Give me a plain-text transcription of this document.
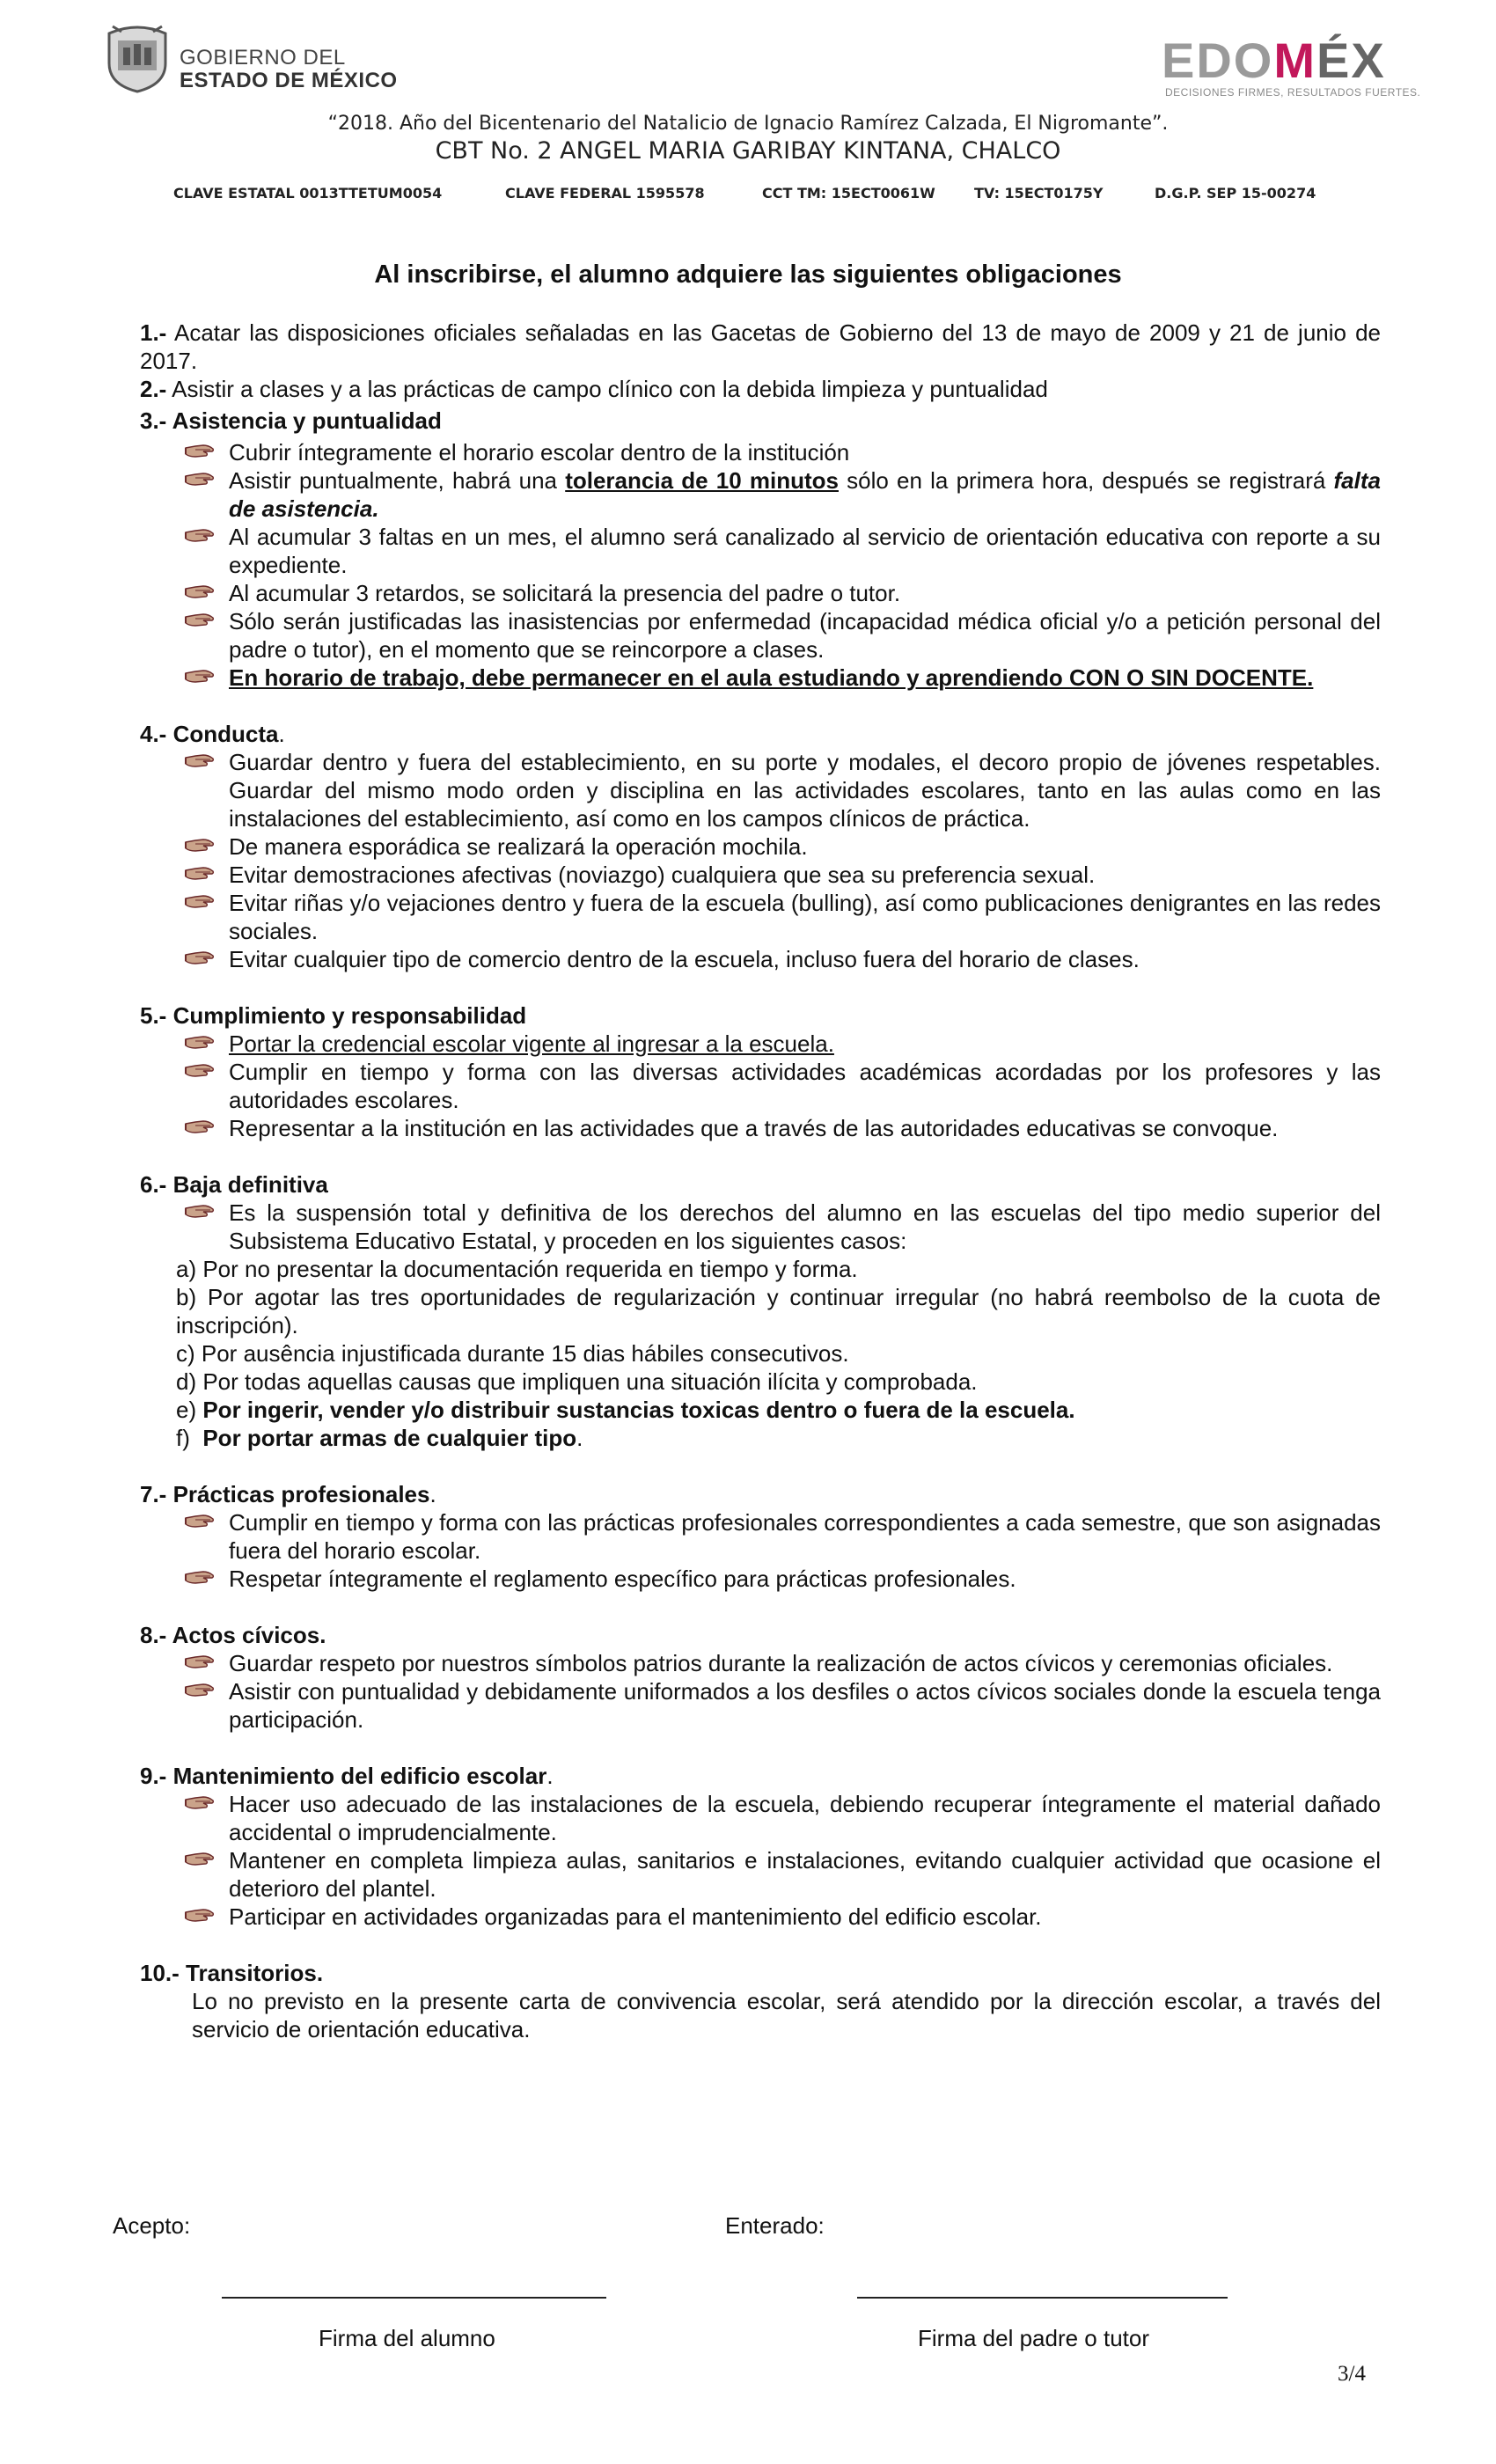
GOBIERNO DEL
ESTADO DE MÉXICO	EDOMÉX
DECISIONES FIRMES, RESULTADOS FUERTES.
“2018. Año del Bicentenario del Natalicio de Ignacio Ramírez Calzada, El Nigromante”.
CBT No. 2 ANGEL MARIA GARIBAY KINTANA, CHALCO
CLAVE ESTATAL 0013TTETUM0054	CLAVE FEDERAL 1595578	CCT TM: 15ECT0061W	TV: 15ECT0175Y	D.G.P. SEP 15-00274
Al inscribirse, el alumno adquiere las siguientes obligaciones

1.- Acatar las disposiciones oficiales señaladas en las Gacetas de Gobierno del 13 de mayo de 2009 y 21 de junio de 2017.

2.- Asistir a clases y a las prácticas de campo clínico con la debida limpieza y puntualidad

3.- Asistencia y puntualidad

Cubrir íntegramente el horario escolar dentro de la institución
Asistir puntualmente, habrá una tolerancia de 10 minutos sólo en la primera hora, después se registrará falta de asistencia.
Al acumular 3 faltas en un mes, el alumno será canalizado al servicio de orientación educativa con reporte a su expediente.
Al acumular 3 retardos, se solicitará la presencia del padre o tutor.
Sólo serán justificadas las inasistencias por enfermedad (incapacidad médica oficial y/o a petición personal del padre o tutor), en el momento que se reincorpore a clases.
En horario de trabajo, debe permanecer en el aula estudiando y aprendiendo CON O SIN DOCENTE.

4.- Conducta.

Guardar dentro y fuera del establecimiento, en su porte y modales, el decoro propio de jóvenes respetables. Guardar del mismo modo orden y disciplina en las actividades escolares, tanto en las aulas como en las instalaciones del establecimiento, así como en los campos clínicos de práctica.
De manera esporádica se realizará la operación mochila.
Evitar demostraciones afectivas (noviazgo) cualquiera que sea su preferencia sexual.
Evitar riñas y/o vejaciones dentro y fuera de la escuela (bulling), así como publicaciones denigrantes en las redes sociales.
Evitar cualquier tipo de comercio dentro de la escuela, incluso fuera del horario de clases.

5.- Cumplimiento y responsabilidad

Portar la credencial escolar vigente al ingresar a la escuela.
Cumplir en tiempo y forma con las diversas actividades académicas acordadas por los profesores y las autoridades escolares.
Representar a la institución en las actividades que a través de las autoridades educativas se convoque.

6.- Baja definitiva

Es la suspensión total y definitiva de los derechos del alumno en las escuelas del tipo medio superior del Subsistema Educativo Estatal, y proceden en los siguientes casos:

a) Por no presentar la documentación requerida en tiempo y forma.

b) Por agotar las tres oportunidades de regularización y continuar irregular (no habrá reembolso de la cuota de inscripción).

c) Por ausência injustificada durante 15 dias hábiles consecutivos.

d) Por todas aquellas causas que impliquen una situación ilícita y comprobada.

e) Por ingerir, vender y/o distribuir sustancias toxicas dentro o fuera de la escuela.

f)  Por portar armas de cualquier tipo.

7.- Prácticas profesionales.

Cumplir en tiempo y forma con las prácticas profesionales correspondientes a cada semestre, que son asignadas fuera del horario escolar.
Respetar íntegramente el reglamento específico para prácticas profesionales.

8.- Actos cívicos.

Guardar respeto por nuestros símbolos patrios durante la realización de actos cívicos y ceremonias oficiales.
Asistir con puntualidad y debidamente uniformados a los desfiles o actos cívicos sociales donde la escuela tenga participación.

9.- Mantenimiento del edificio escolar.

Hacer uso adecuado de las instalaciones de la escuela, debiendo recuperar íntegramente el material dañado accidental o imprudencialmente.
Mantener en completa limpieza aulas, sanitarios e instalaciones, evitando cualquier actividad que ocasione el deterioro del plantel.
Participar en actividades organizadas para el mantenimiento del edificio escolar.

10.- Transitorios.

Lo no previsto en la presente carta de convivencia escolar, será atendido por la dirección escolar, a través del servicio de orientación educativa.

Acepto:	Enterado:
Firma del alumno	Firma del padre o tutor
3/4
